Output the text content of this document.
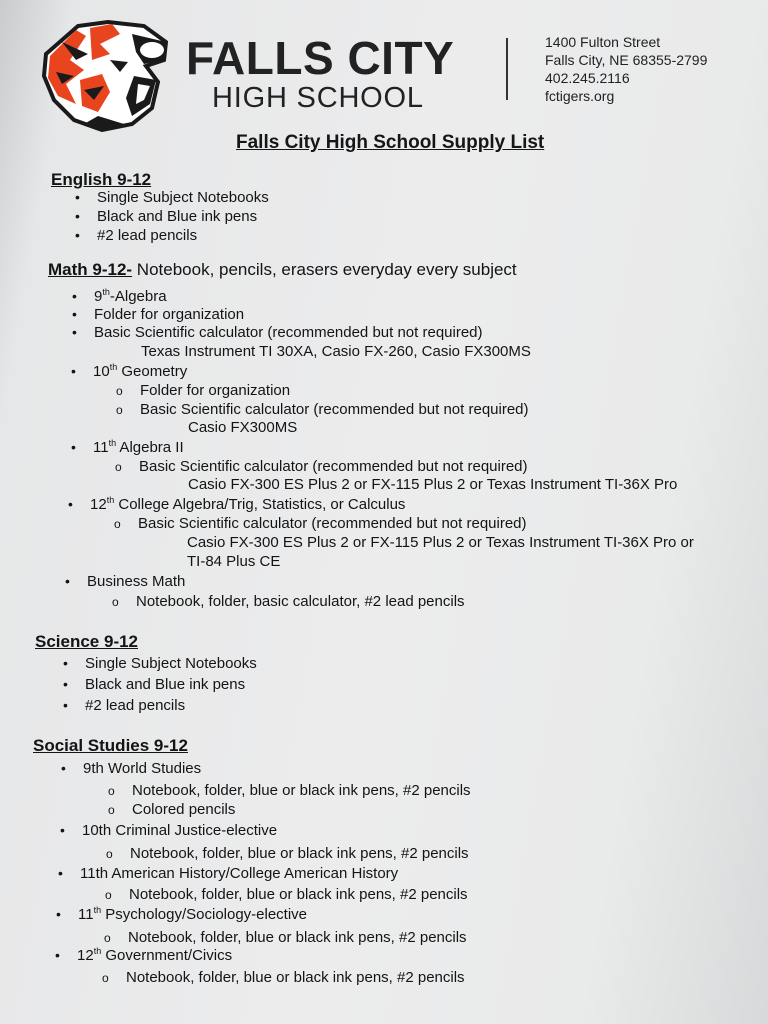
FALLS CITY
HIGH SCHOOL
1400 Fulton Street
Falls City, NE 68355-2799
402.245.2116
fctigers.org
Falls City High School Supply List
English 9-12
• Single Subject Notebooks
• Black and Blue ink pens
• #2 lead pencils
Math 9-12- Notebook, pencils, erasers everyday every subject
• 9th-Algebra
• Folder for organization
• Basic Scientific calculator (recommended but not required)
Texas Instrument TI 30XA, Casio FX-260, Casio FX300MS
• 10th Geometry
o Folder for organization
o Basic Scientific calculator (recommended but not required)
Casio FX300MS
• 11th Algebra II
o Basic Scientific calculator (recommended but not required)
Casio FX-300 ES Plus 2 or FX-115 Plus 2 or Texas Instrument TI-36X Pro
• 12th College Algebra/Trig, Statistics, or Calculus
o Basic Scientific calculator (recommended but not required)
Casio FX-300 ES Plus 2 or FX-115 Plus 2 or Texas Instrument TI-36X Pro or
TI-84 Plus CE
• Business Math
o Notebook, folder, basic calculator, #2 lead pencils
Science 9-12
• Single Subject Notebooks
• Black and Blue ink pens
• #2 lead pencils
Social Studies 9-12
• 9th World Studies
o Notebook, folder, blue or black ink pens, #2 pencils
o Colored pencils
• 10th Criminal Justice-elective
o Notebook, folder, blue or black ink pens, #2 pencils
• 11th American History/College American History
o Notebook, folder, blue or black ink pens, #2 pencils
• 11th Psychology/Sociology-elective
o Notebook, folder, blue or black ink pens, #2 pencils
• 12th Government/Civics
o Notebook, folder, blue or black ink pens, #2 pencils
